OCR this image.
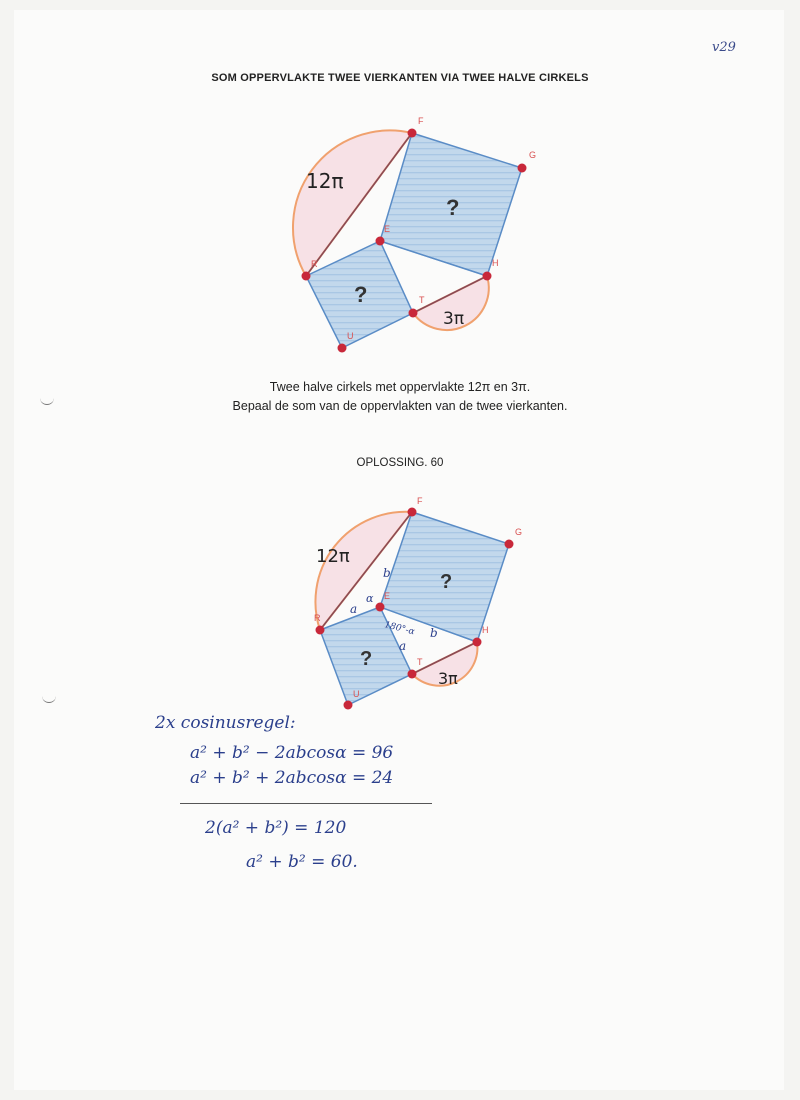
v29
SOM OPPERVLAKTE TWEE VIERKANTEN VIA TWEE HALVE CIRKELS
F
G
E
H
R
T
U
12π
3π
?
?
F
G
E
H
R
T
U
12π
3π
?
?
a
α
b
180°-α
a
b
Twee halve cirkels met oppervlakte 12π en 3π.
Bepaal de som van de oppervlakten van de twee vierkanten.
OPLOSSING. 60
2x cosinusregel:
a² + b² − 2abcosα = 96
a² + b² + 2abcosα = 24
2(a² + b²) = 120
a² + b² = 60.
